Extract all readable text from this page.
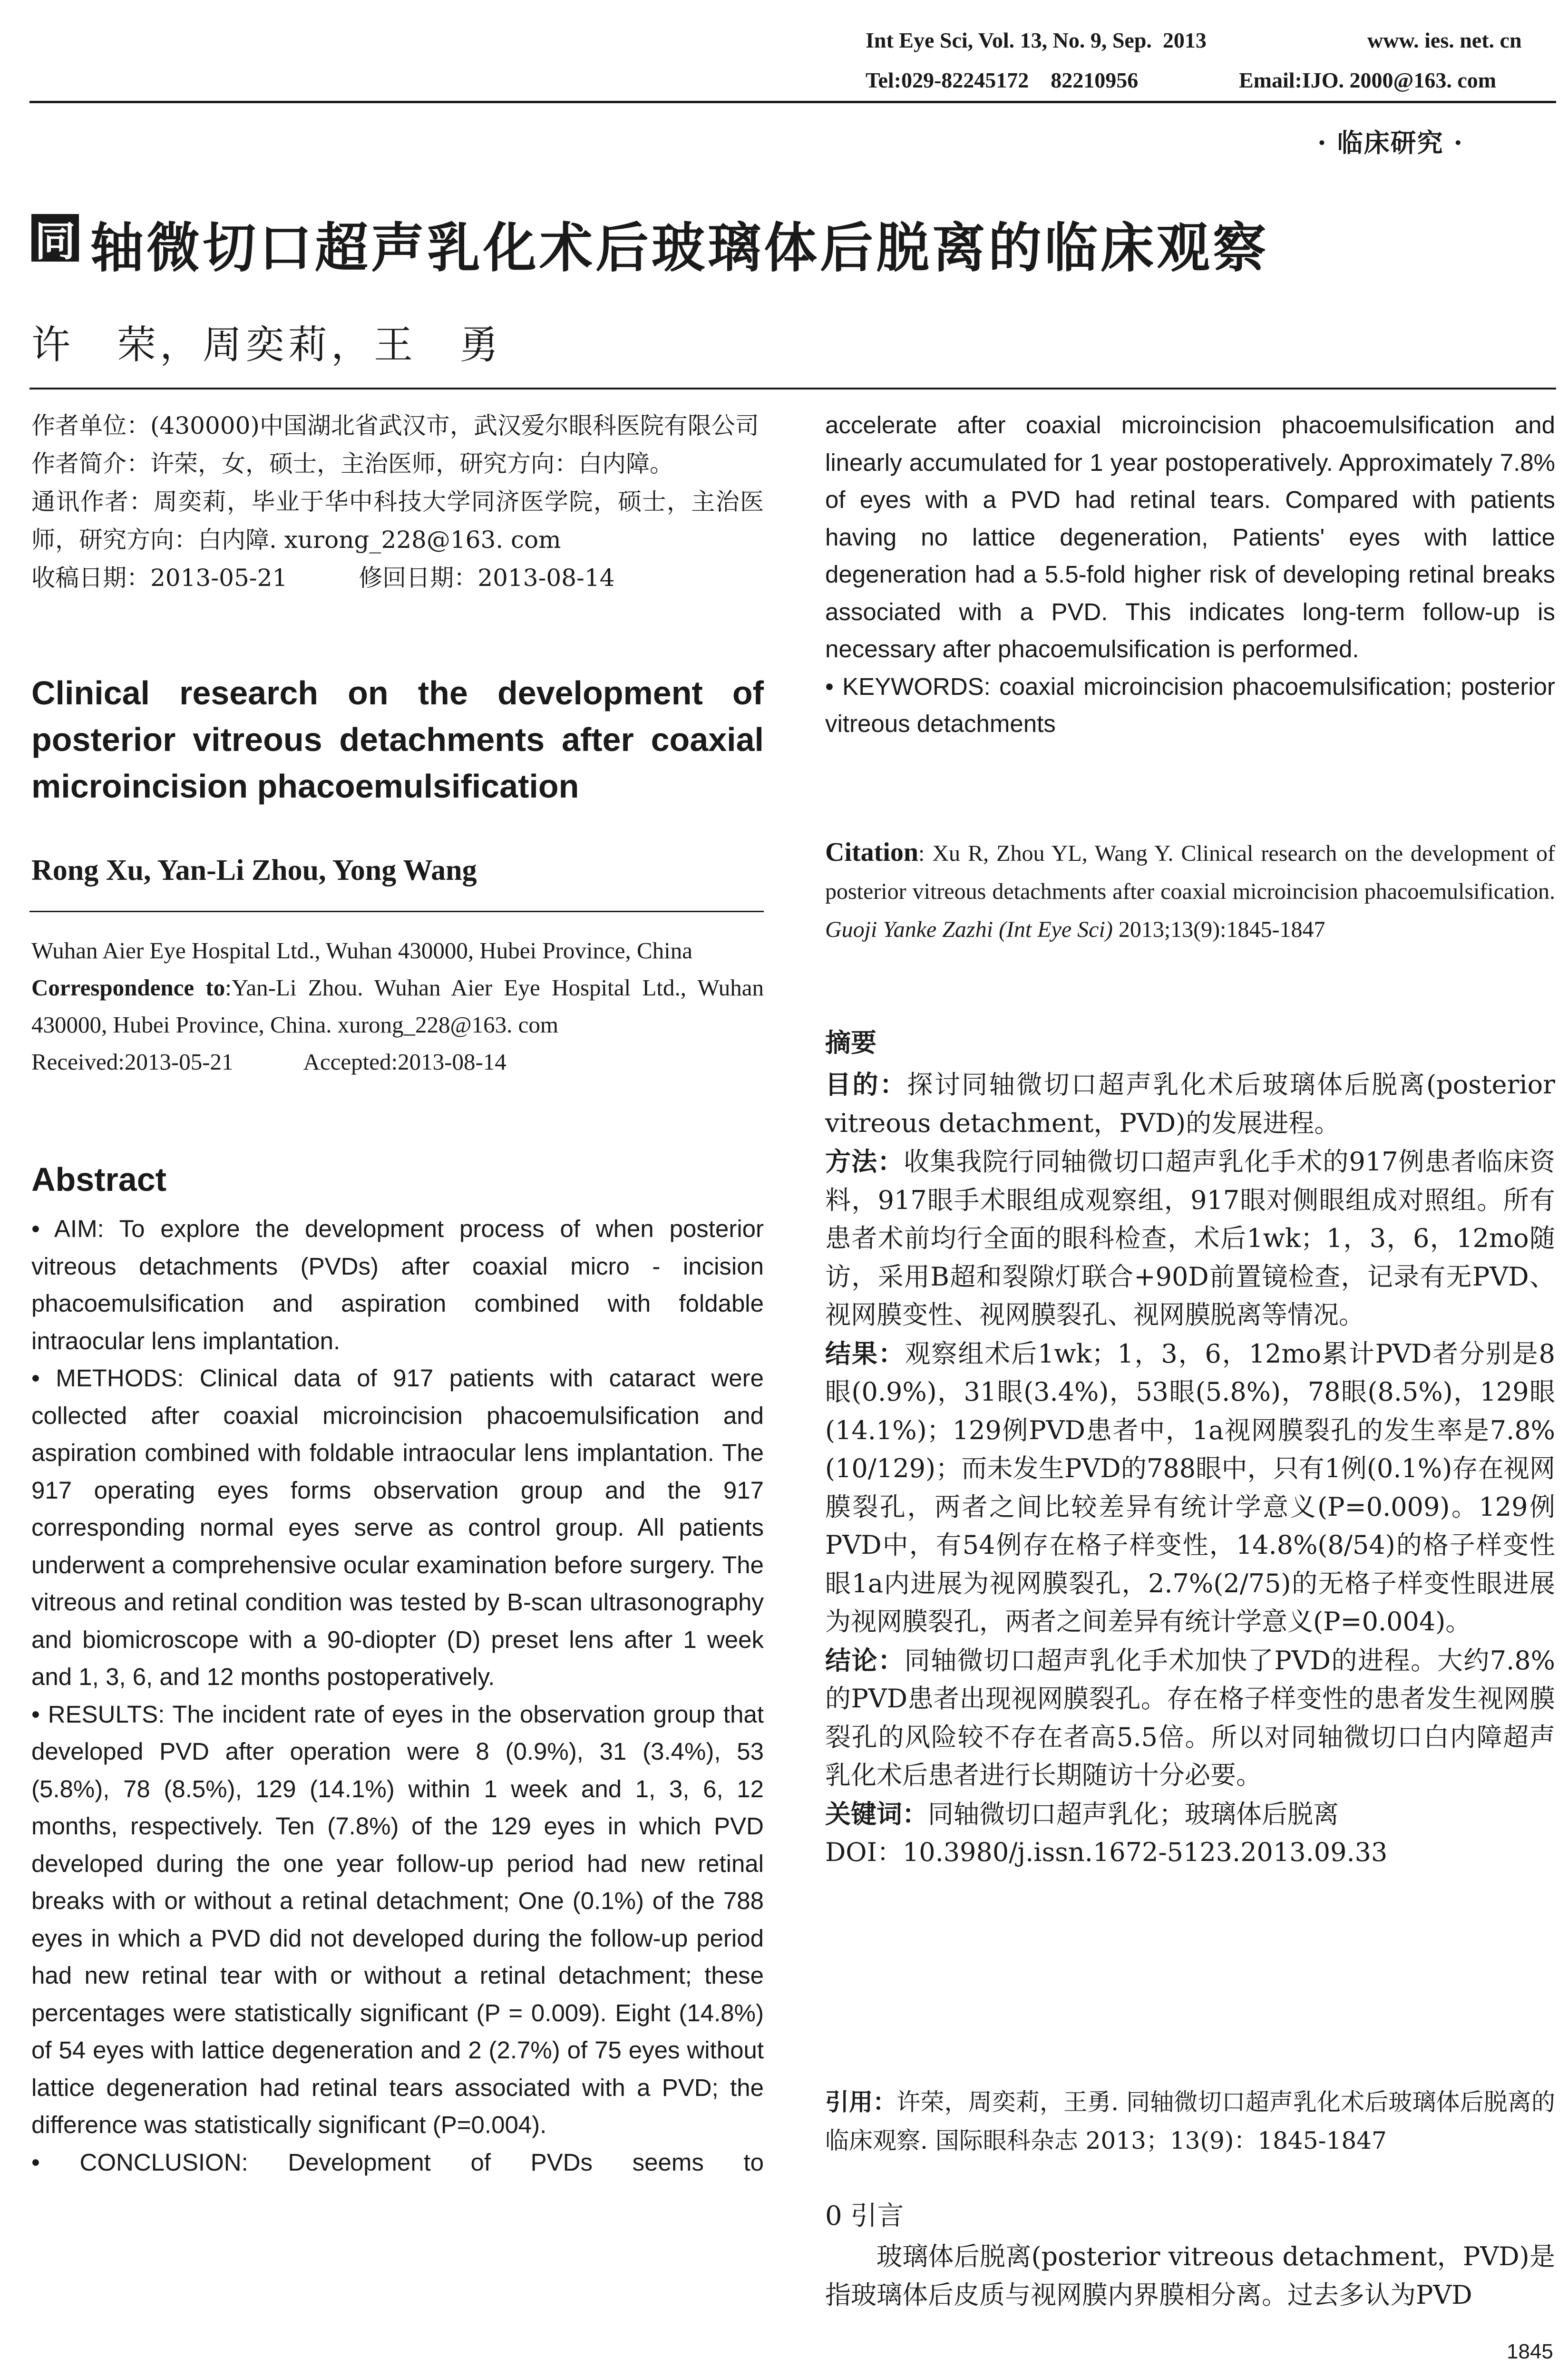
Int Eye Sci, Vol. 13, No. 9, Sep.  2013	www. ies. net. cn
Tel:029-82245172    82210956	Email:IJO. 2000@163. com
· 临床研究 ·
同 轴微切口超声乳化术后玻璃体后脱离的临床观察
许　荣，周奕莉，王　勇

作者单位：(430000)中国湖北省武汉市，武汉爱尔眼科医院有限公司

作者简介：许荣，女，硕士，主治医师，研究方向：白内障。

通讯作者：周奕莉，毕业于华中科技大学同济医学院，硕士，主治医师，研究方向：白内障. xurong_228@163. com

收稿日期：2013-05-21　　　修回日期：2013-08-14

Clinical research on the development of posterior vitreous detachments after coaxial microincision phacoemulsification
Rong Xu, Yan-Li Zhou, Yong Wang

Wuhan Aier Eye Hospital Ltd., Wuhan 430000, Hubei Province, China

Correspondence to:Yan-Li Zhou. Wuhan Aier Eye Hospital Ltd., Wuhan 430000, Hubei Province, China. xurong_228@163. com

Received:2013-05-21　　　Accepted:2013-08-14

Abstract

• AIM: To explore the development process of when posterior vitreous detachments (PVDs) after coaxial micro - incision phacoemulsification and aspiration combined with foldable intraocular lens implantation.

• METHODS: Clinical data of 917 patients with cataract were collected after coaxial microincision phacoemulsification and aspiration combined with foldable intraocular lens implantation. The 917 operating eyes forms observation group and the 917 corresponding normal eyes serve as control group. All patients underwent a comprehensive ocular examination before surgery. The vitreous and retinal condition was tested by B-scan ultrasonography and biomicroscope with a 90-diopter (D) preset lens after 1 week and 1, 3, 6, and 12 months postoperatively.

• RESULTS: The incident rate of eyes in the observation group that developed PVD after operation were 8 (0.9%), 31 (3.4%), 53 (5.8%), 78 (8.5%), 129 (14.1%) within 1 week and 1, 3, 6, 12 months, respectively. Ten (7.8%) of the 129 eyes in which PVD developed during the one year follow-up period had new retinal breaks with or without a retinal detachment; One (0.1%) of the 788 eyes in which a PVD did not developed during the follow-up period had new retinal tear with or without a retinal detachment; these percentages were statistically significant (P = 0.009). Eight (14.8%) of 54 eyes with lattice degeneration and 2 (2.7%) of 75 eyes without lattice degeneration had retinal tears associated with a PVD; the difference was statistically significant (P=0.004).

• CONCLUSION: Development of PVDs seems to

accelerate after coaxial microincision phacoemulsification and linearly accumulated for 1 year postoperatively. Approximately 7.8% of eyes with a PVD had retinal tears. Compared with patients having no lattice degeneration, Patients' eyes with lattice degeneration had a 5.5-fold higher risk of developing retinal breaks associated with a PVD. This indicates long-term follow-up is necessary after phacoemulsification is performed.

• KEYWORDS: coaxial microincision phacoemulsification; posterior vitreous detachments

Citation: Xu R, Zhou YL, Wang Y. Clinical research on the development of posterior vitreous detachments after coaxial microincision phacoemulsification. Guoji Yanke Zazhi (Int Eye Sci) 2013;13(9):1845-1847
摘要

目的：探讨同轴微切口超声乳化术后玻璃体后脱离(posterior vitreous detachment，PVD)的发展进程。

方法：收集我院行同轴微切口超声乳化手术的917例患者临床资料，917眼手术眼组成观察组，917眼对侧眼组成对照组。所有患者术前均行全面的眼科检查，术后1wk；1，3，6，12mo随访，采用B超和裂隙灯联合+90D前置镜检查，记录有无PVD、视网膜变性、视网膜裂孔、视网膜脱离等情况。

结果：观察组术后1wk；1，3，6，12mo累计PVD者分别是8眼(0.9%)，31眼(3.4%)，53眼(5.8%)，78眼(8.5%)，129眼(14.1%)；129例PVD患者中，1a视网膜裂孔的发生率是7.8%(10/129)；而未发生PVD的788眼中，只有1例(0.1%)存在视网膜裂孔，两者之间比较差异有统计学意义(P=0.009)。129例PVD中，有54例存在格子样变性，14.8%(8/54)的格子样变性眼1a内进展为视网膜裂孔，2.7%(2/75)的无格子样变性眼进展为视网膜裂孔，两者之间差异有统计学意义(P=0.004)。

结论：同轴微切口超声乳化手术加快了PVD的进程。大约7.8%的PVD患者出现视网膜裂孔。存在格子样变性的患者发生视网膜裂孔的风险较不存在者高5.5倍。所以对同轴微切口白内障超声乳化术后患者进行长期随访十分必要。

关键词：同轴微切口超声乳化；玻璃体后脱离

DOI：10.3980/j.issn.1672-5123.2013.09.33

引用：许荣，周奕莉，王勇. 同轴微切口超声乳化术后玻璃体后脱离的临床观察. 国际眼科杂志 2013；13(9)：1845-1847
0 引言
玻璃体后脱离(posterior vitreous detachment，PVD)是指玻璃体后皮质与视网膜内界膜相分离。过去多认为PVD
1845
